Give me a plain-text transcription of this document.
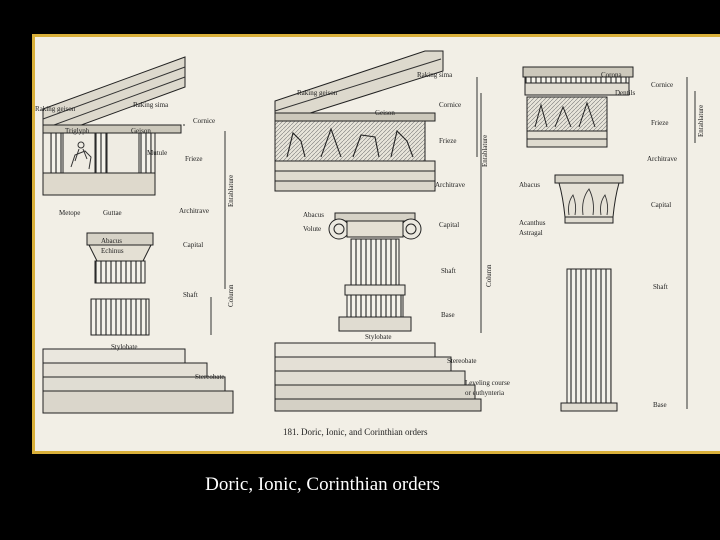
Raking geison	Raking sima
Cornice
Triglyph	Geison
Mutule
Frieze
Metope	Guttae	Architrave
Abacus
Echinus
Capital
Shaft
Stylobate
Stereobate
Entablature
Column
181. Doric, Ionic, and Corinthian orders
Raking sima
Raking geison
Geison
Cornice
Frieze
Architrave
Abacus
Volute	Capital
Shaft
Base
Stylobate
Stereobate
Leveling course
or euthynteria
Entablature
Column
Corona
Dentils
Cornice
Frieze
Architrave
Abacus
Capital
Acanthus
Astragal
Shaft
Base
Entablature
Doric, Ionic, Corinthian orders
